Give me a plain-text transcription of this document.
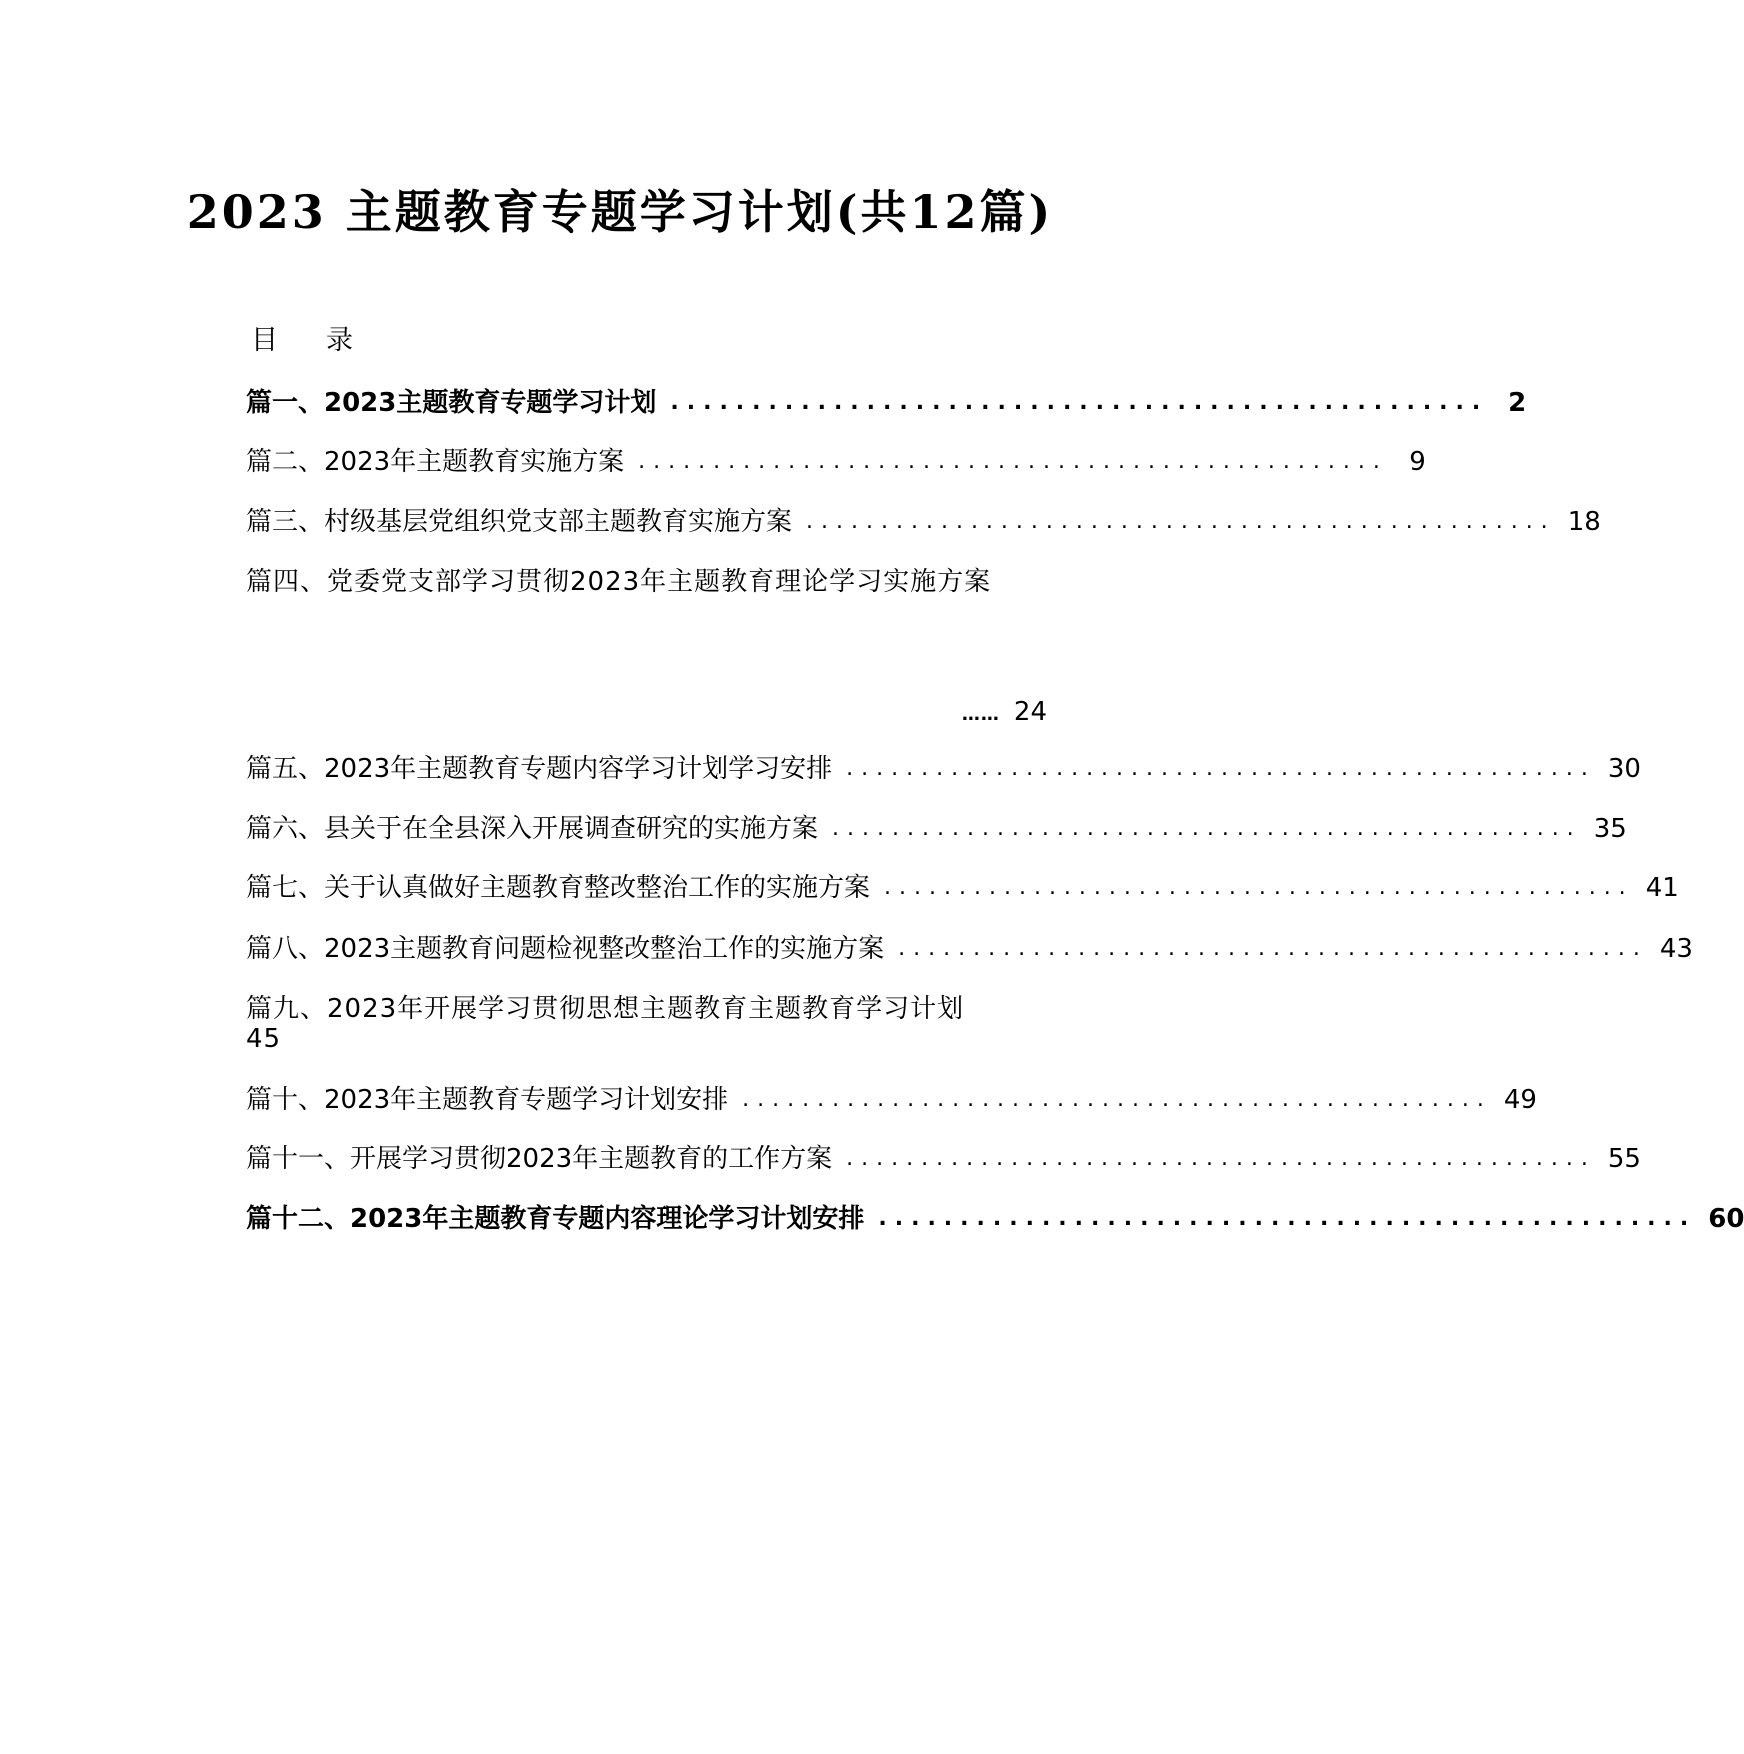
2023 主题教育专题学习计划(共12篇)
目 录
篇一、2023主题教育专题学习计划 .................................................. 2
篇二、2023年主题教育实施方案 .................................................. 9
篇三、村级基层党组织党支部主题教育实施方案 .................................................. 18
篇四、党委党支部学习贯彻2023年主题教育理论学习实施方案
…… 24
篇五、2023年主题教育专题内容学习计划学习安排 .................................................. 30
篇六、县关于在全县深入开展调查研究的实施方案 .................................................. 35
篇七、关于认真做好主题教育整改整治工作的实施方案 .................................................. 41
篇八、2023主题教育问题检视整改整治工作的实施方案 .................................................. 43
篇九、2023年开展学习贯彻思想主题教育主题教育学习计划
45
篇十、2023年主题教育专题学习计划安排 .................................................. 49
篇十一、开展学习贯彻2023年主题教育的工作方案 .................................................. 55
篇十二、2023年主题教育专题内容理论学习计划安排 .................................................. 60
